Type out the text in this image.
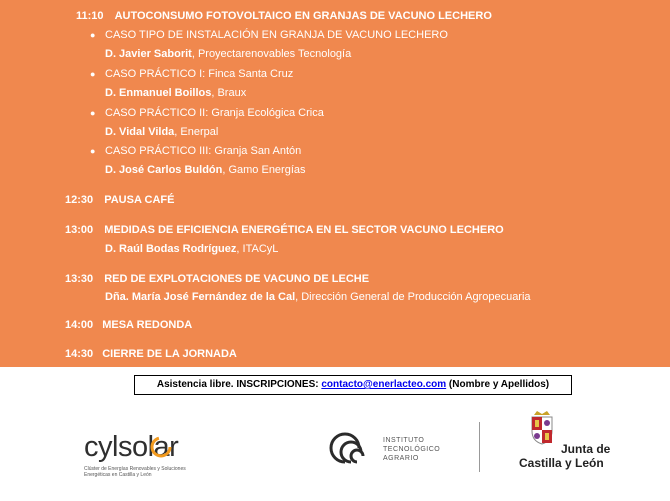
11:10 AUTOCONSUMO FOTOVOLTAICO EN GRANJAS DE VACUNO LECHERO
● CASO TIPO DE INSTALACIÓN EN GRANJA DE VACUNO LECHERO
D. Javier Saborit, Proyectarenovables Tecnología
● CASO PRÁCTICO I: Finca Santa Cruz
D. Enmanuel Boillos, Braux
● CASO PRÁCTICO II: Granja Ecológica Crica
D. Vidal Vilda, Enerpal
● CASO PRÁCTICO III: Granja San Antón
D. José Carlos Buldón, Gamo Energías
12:30 PAUSA CAFÉ
13:00 MEDIDAS DE EFICIENCIA ENERGÉTICA EN EL SECTOR VACUNO LECHERO
D. Raúl Bodas Rodríguez, ITACyL
13:30 RED DE EXPLOTACIONES DE VACUNO DE LECHE
Dña. María José Fernández de la Cal, Dirección General de Producción Agropecuaria
14:00 MESA REDONDA
14:30 CIERRE DE LA JORNADA
Asistencia libre. INSCRIPCIONES: contacto@enerlacteo.com (Nombre y Apellidos)
cylsolar
Clúster de Energías Renovables y Soluciones Energéticas en Castilla y León
INSTITUTO
TECNOLÓGICO
AGRARIO
Junta de
Castilla y León
